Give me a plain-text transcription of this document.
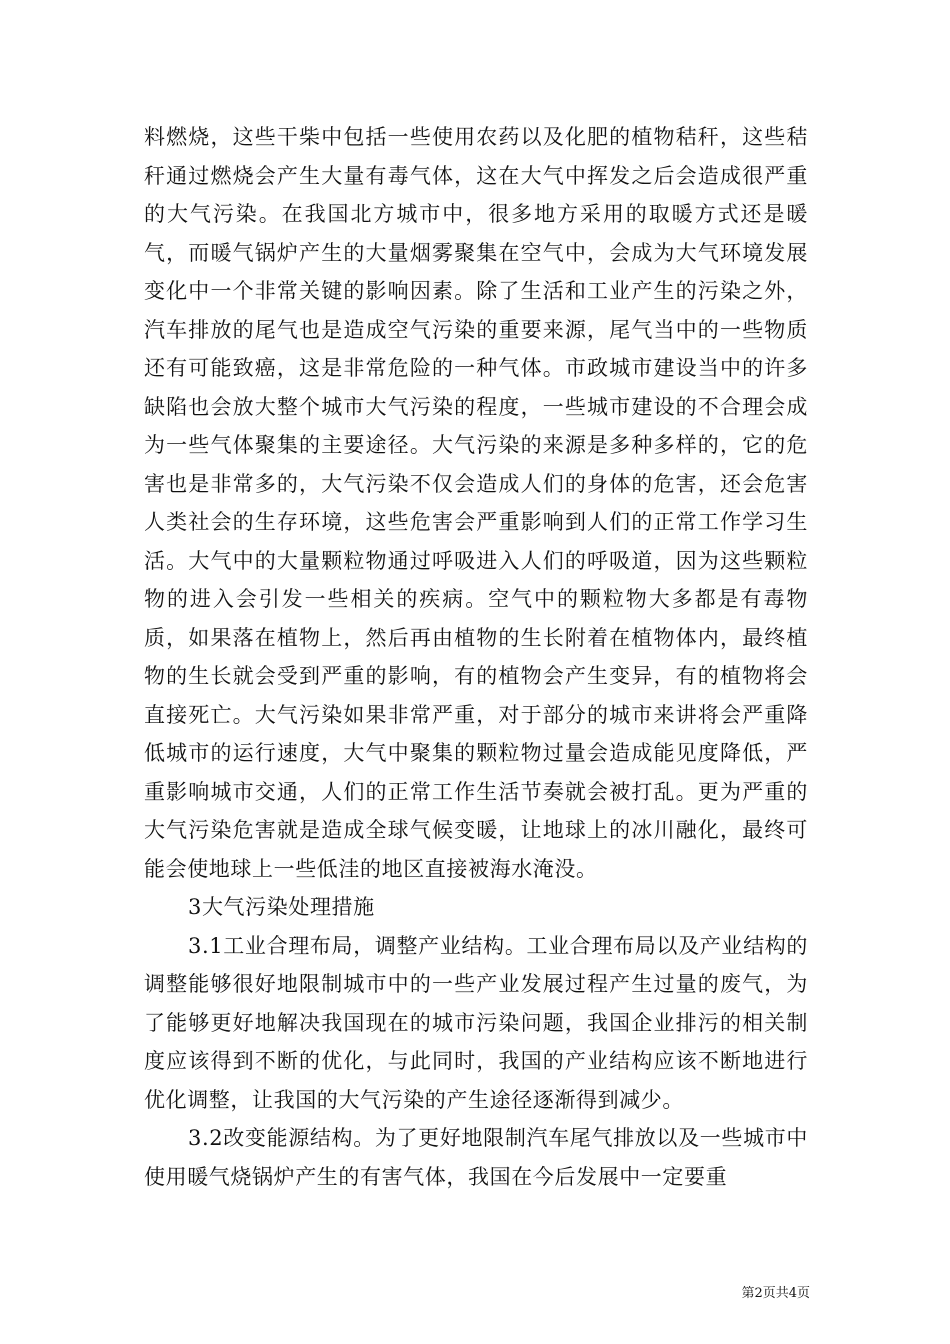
料燃烧，这些干柴中包括一些使用农药以及化肥的植物秸秆，这些秸秆通过燃烧会产生大量有毒气体，这在大气中挥发之后会造成很严重的大气污染。在我国北方城市中，很多地方采用的取暖方式还是暖气，而暖气锅炉产生的大量烟雾聚集在空气中，会成为大气环境发展变化中一个非常关键的影响因素。除了生活和工业产生的污染之外，汽车排放的尾气也是造成空气污染的重要来源，尾气当中的一些物质还有可能致癌，这是非常危险的一种气体。市政城市建设当中的许多缺陷也会放大整个城市大气污染的程度，一些城市建设的不合理会成为一些气体聚集的主要途径。大气污染的来源是多种多样的，它的危害也是非常多的，大气污染不仅会造成人们的身体的危害，还会危害人类社会的生存环境，这些危害会严重影响到人们的正常工作学习生活。大气中的大量颗粒物通过呼吸进入人们的呼吸道，因为这些颗粒物的进入会引发一些相关的疾病。空气中的颗粒物大多都是有毒物质，如果落在植物上，然后再由植物的生长附着在植物体内，最终植物的生长就会受到严重的影响，有的植物会产生变异，有的植物将会直接死亡。大气污染如果非常严重，对于部分的城市来讲将会严重降低城市的运行速度，大气中聚集的颗粒物过量会造成能见度降低，严重影响城市交通，人们的正常工作生活节奏就会被打乱。更为严重的大气污染危害就是造成全球气候变暖，让地球上的冰川融化，最终可能会使地球上一些低洼的地区直接被海水淹没。

3大气污染处理措施

3.1工业合理布局，调整产业结构。工业合理布局以及产业结构的调整能够很好地限制城市中的一些产业发展过程产生过量的废气，为了能够更好地解决我国现在的城市污染问题，我国企业排污的相关制度应该得到不断的优化，与此同时，我国的产业结构应该不断地进行优化调整，让我国的大气污染的产生途径逐渐得到减少。

3.2改变能源结构。为了更好地限制汽车尾气排放以及一些城市中使用暖气烧锅炉产生的有害气体，我国在今后发展中一定要重

第2页共4页
